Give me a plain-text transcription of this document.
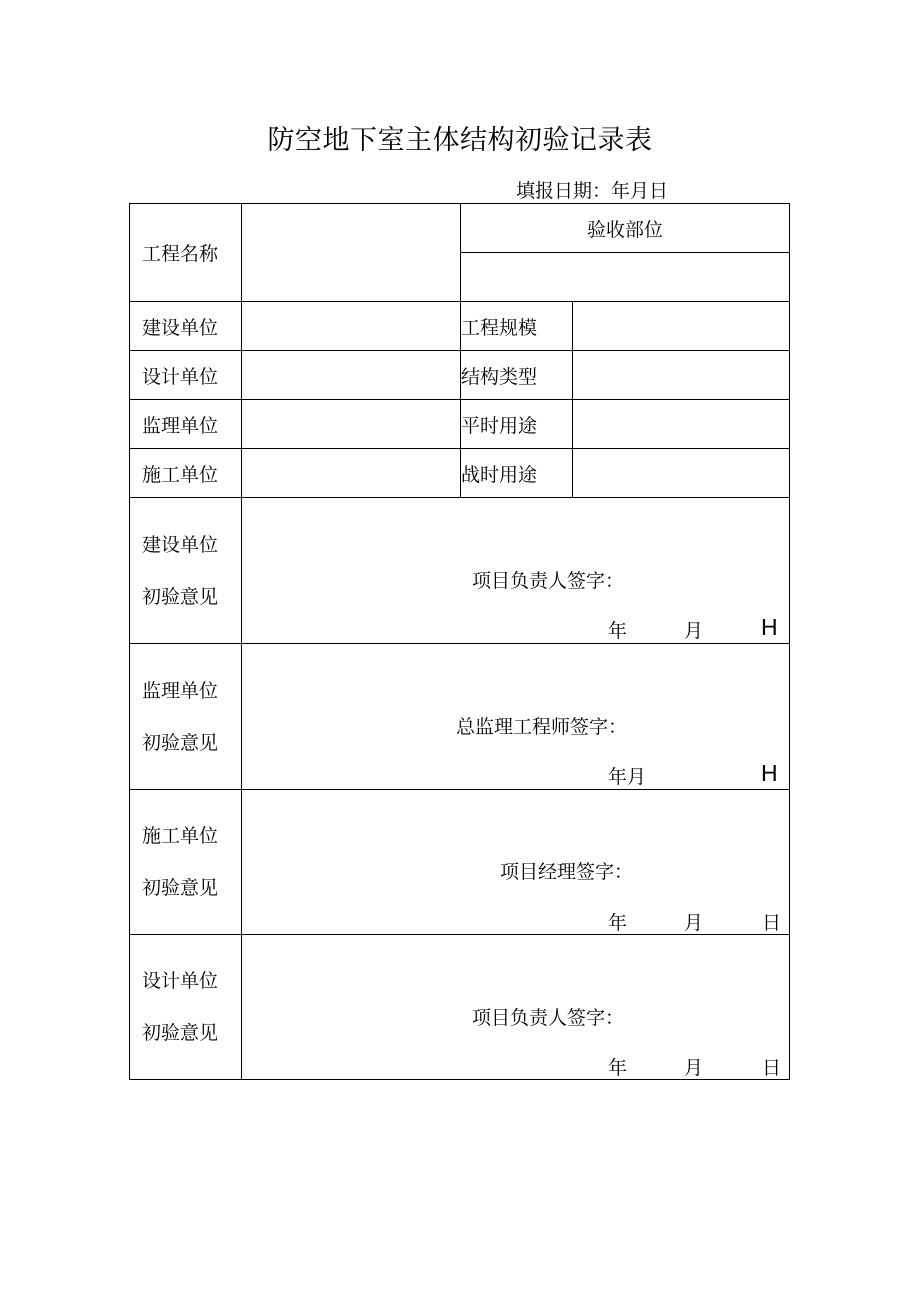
防空地下室主体结构初验记录表
填报日期：年月日
工程名称
验收部位
建设单位	工程规模
设计单位	结构类型
监理单位	平时用途
施工单位	战时用途
建设单位
初验意见
项目负责人签字：
年	月	H
监理单位
初验意见
总监理工程师签字：
年月	H
施工单位
初验意见
项目经理签字：
年	月	日
设计单位
初验意见
项目负责人签字：
年	月	日
